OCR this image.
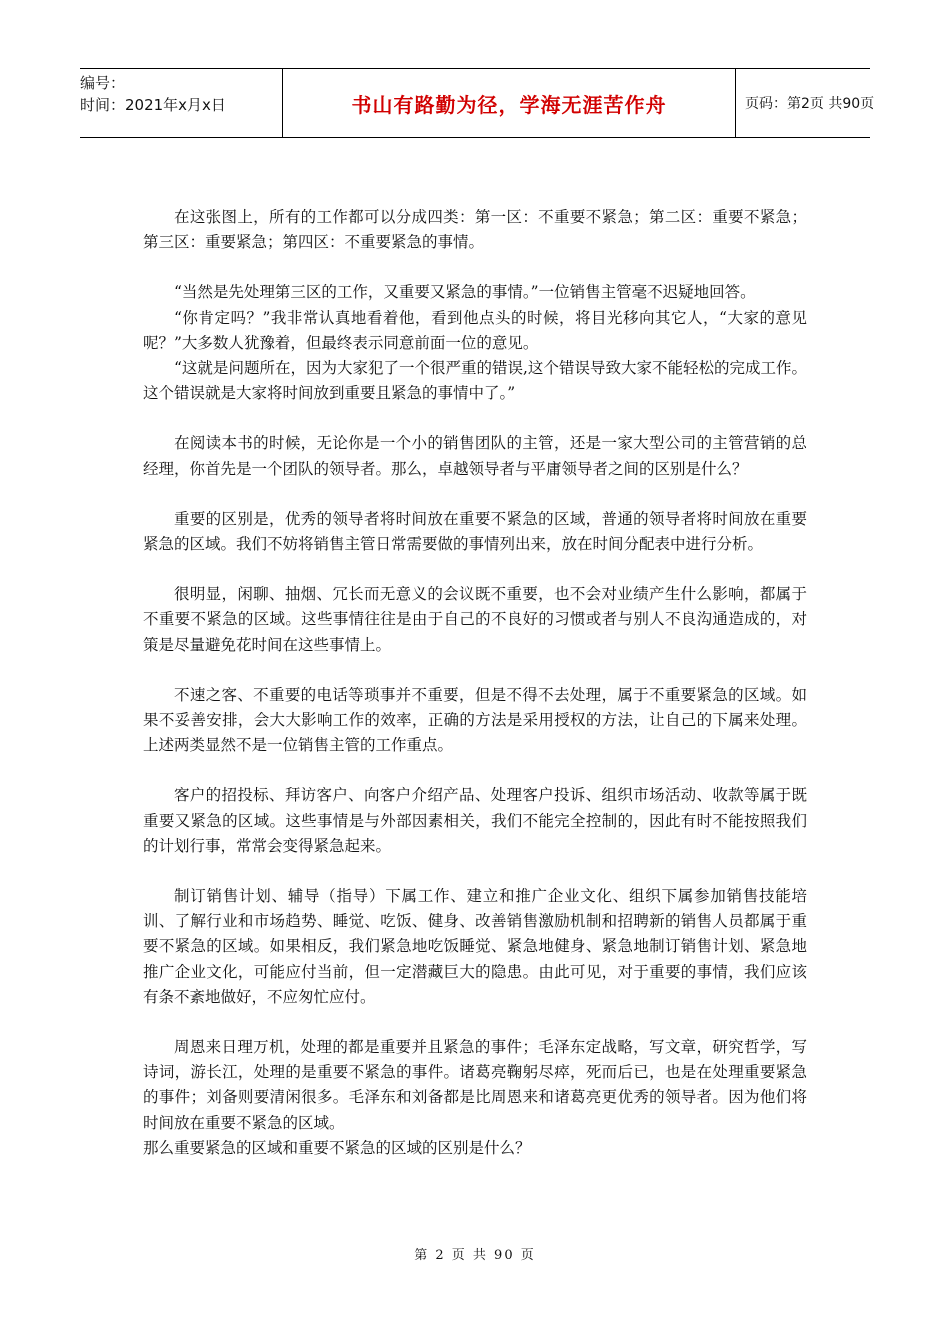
编号：
时间：2021年x月x日	书山有路勤为径，学海无涯苦作舟	页码：第2页 共90页

在这张图上，所有的工作都可以分成四类：第一区：不重要不紧急；第二区：重要不紧急；第三区：重要紧急；第四区：不重要紧急的事情。

“当然是先处理第三区的工作，又重要又紧急的事情。”一位销售主管毫不迟疑地回答。

“你肯定吗？”我非常认真地看着他，看到他点头的时候，将目光移向其它人，“大家的意见呢？”大多数人犹豫着，但最终表示同意前面一位的意见。

“这就是问题所在，因为大家犯了一个很严重的错误,这个错误导致大家不能轻松的完成工作。这个错误就是大家将时间放到重要且紧急的事情中了。”

在阅读本书的时候，无论你是一个小的销售团队的主管，还是一家大型公司的主管营销的总经理，你首先是一个团队的领导者。那么，卓越领导者与平庸领导者之间的区别是什么？

重要的区别是，优秀的领导者将时间放在重要不紧急的区域，普通的领导者将时间放在重要紧急的区域。我们不妨将销售主管日常需要做的事情列出来，放在时间分配表中进行分析。

很明显，闲聊、抽烟、冗长而无意义的会议既不重要，也不会对业绩产生什么影响，都属于不重要不紧急的区域。这些事情往往是由于自己的不良好的习惯或者与别人不良沟通造成的，对策是尽量避免花时间在这些事情上。

不速之客、不重要的电话等琐事并不重要，但是不得不去处理，属于不重要紧急的区域。如果不妥善安排，会大大影响工作的效率，正确的方法是采用授权的方法，让自己的下属来处理。上述两类显然不是一位销售主管的工作重点。

客户的招投标、拜访客户、向客户介绍产品、处理客户投诉、组织市场活动、收款等属于既重要又紧急的区域。这些事情是与外部因素相关，我们不能完全控制的，因此有时不能按照我们的计划行事，常常会变得紧急起来。

制订销售计划、辅导（指导）下属工作、建立和推广企业文化、组织下属参加销售技能培训、了解行业和市场趋势、睡觉、吃饭、健身、改善销售激励机制和招聘新的销售人员都属于重要不紧急的区域。如果相反，我们紧急地吃饭睡觉、紧急地健身、紧急地制订销售计划、紧急地推广企业文化，可能应付当前，但一定潜藏巨大的隐患。由此可见，对于重要的事情，我们应该有条不紊地做好，不应匆忙应付。

周恩来日理万机，处理的都是重要并且紧急的事件；毛泽东定战略，写文章，研究哲学，写诗词，游长江，处理的是重要不紧急的事件。诸葛亮鞠躬尽瘁，死而后已，也是在处理重要紧急的事件；刘备则要清闲很多。毛泽东和刘备都是比周恩来和诸葛亮更优秀的领导者。因为他们将时间放在重要不紧急的区域。

那么重要紧急的区域和重要不紧急的区域的区别是什么？

第 2 页 共 90 页
